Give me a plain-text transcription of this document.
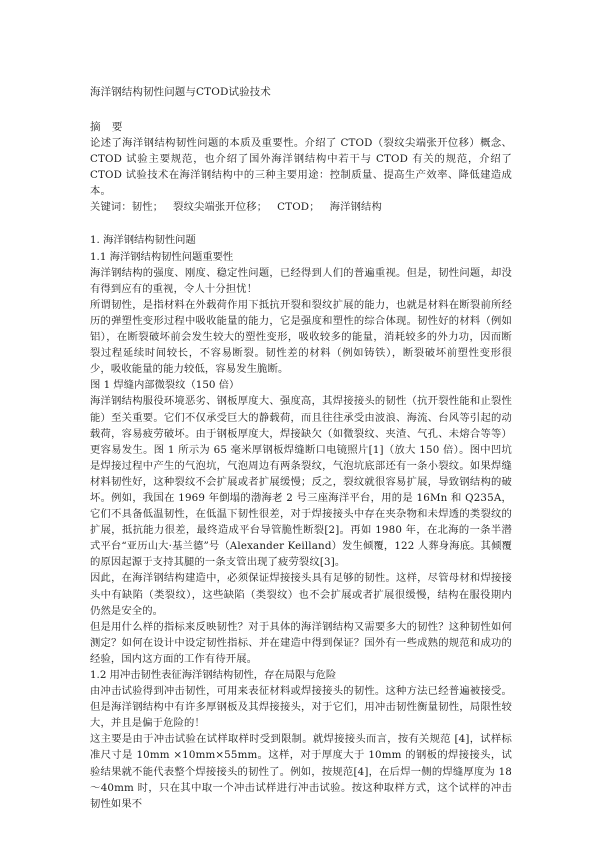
海洋钢结构韧性问题与CTOD试验技术
摘 要

论述了海洋钢结构韧性问题的本质及重要性。介绍了 CTOD（裂纹尖端张开位移）概念、CTOD 试验主要规范，也介绍了国外海洋钢结构中若干与 CTOD 有关的规范，介绍了 CTOD 试验技术在海洋钢结构中的三种主要用途：控制质量、提高生产效率、降低建造成本。

关键词：韧性； 裂纹尖端张开位移； CTOD； 海洋钢结构
1. 海洋钢结构韧性问题
1.1 海洋钢结构韧性问题重要性

海洋钢结构的强度、刚度、稳定性问题，已经得到人们的普遍重视。但是，韧性问题，却没有得到应有的重视，令人十分担忧！

所谓韧性，是指材料在外载荷作用下抵抗开裂和裂纹扩展的能力，也就是材料在断裂前所经历的弹塑性变形过程中吸收能量的能力，它是强度和塑性的综合体现。韧性好的材料（例如铝），在断裂破坏前会发生较大的塑性变形，吸收较多的能量，消耗较多的外力功，因而断裂过程延续时间较长，不容易断裂。韧性差的材料（例如铸铁），断裂破坏前塑性变形很少，吸收能量的能力较低，容易发生脆断。

图 1 焊缝内部微裂纹（150 倍）

海洋钢结构服役环境恶劣、钢板厚度大、强度高，其焊接接头的韧性（抗开裂性能和止裂性能）至关重要。它们不仅承受巨大的静载荷，而且往往承受由波浪、海流、台风等引起的动载荷，容易疲劳破坏。由于钢板厚度大，焊接缺欠（如微裂纹、夹渣、气孔、未熔合等等）更容易发生。图 1 所示为 65 毫米厚钢板焊缝断口电镜照片[1]（放大 150 倍）。图中凹坑是焊接过程中产生的气泡坑，气泡周边有两条裂纹，气泡坑底部还有一条小裂纹。如果焊缝材料韧性好，这种裂纹不会扩展或者扩展缓慢；反之，裂纹就很容易扩展，导致钢结构的破坏。例如，我国在 1969 年倒塌的渤海老 2 号三座海洋平台，用的是 16Mn 和 Q235A，它们不具备低温韧性，在低温下韧性很差，对于焊接接头中存在夹杂物和未焊透的类裂纹的扩展，抵抗能力很差，最终造成平台导管脆性断裂[2]。再如 1980 年，在北海的一条半潜式平台“亚历山大·基兰德”号（Alexander Keilland）发生倾覆，122 人葬身海底。其倾覆的原因起源于支持其腿的一条支管出现了疲劳裂纹[3]。

因此，在海洋钢结构建造中，必须保证焊接接头具有足够的韧性。这样，尽管母材和焊接接头中有缺陷（类裂纹），这些缺陷（类裂纹）也不会扩展或者扩展很缓慢，结构在服役期内仍然是安全的。

但是用什么样的指标来反映韧性？对于具体的海洋钢结构又需要多大的韧性？这种韧性如何测定？如何在设计中设定韧性指标、并在建造中得到保证？国外有一些成熟的规范和成功的经验，国内这方面的工作有待开展。

1.2 用冲击韧性表征海洋钢结构韧性，存在局限与危险

由冲击试验得到冲击韧性，可用来表征材料或焊接接头的韧性。这种方法已经普遍被接受。但是海洋钢结构中有许多厚钢板及其焊接接头，对于它们，用冲击韧性衡量韧性，局限性较大，并且是偏于危险的！

这主要是由于冲击试验在试样取样时受到限制。就焊接接头而言，按有关规范 [4]，试样标准尺寸是 10mm ×10mm×55mm。这样，对于厚度大于 10mm 的钢板的焊接接头，试验结果就不能代表整个焊接接头的韧性了。例如，按规范[4]，在后焊一侧的焊缝厚度为 18～40mm 时，只在其中取一个冲击试样进行冲击试验。按这种取样方式，这个试样的冲击韧性如果不
